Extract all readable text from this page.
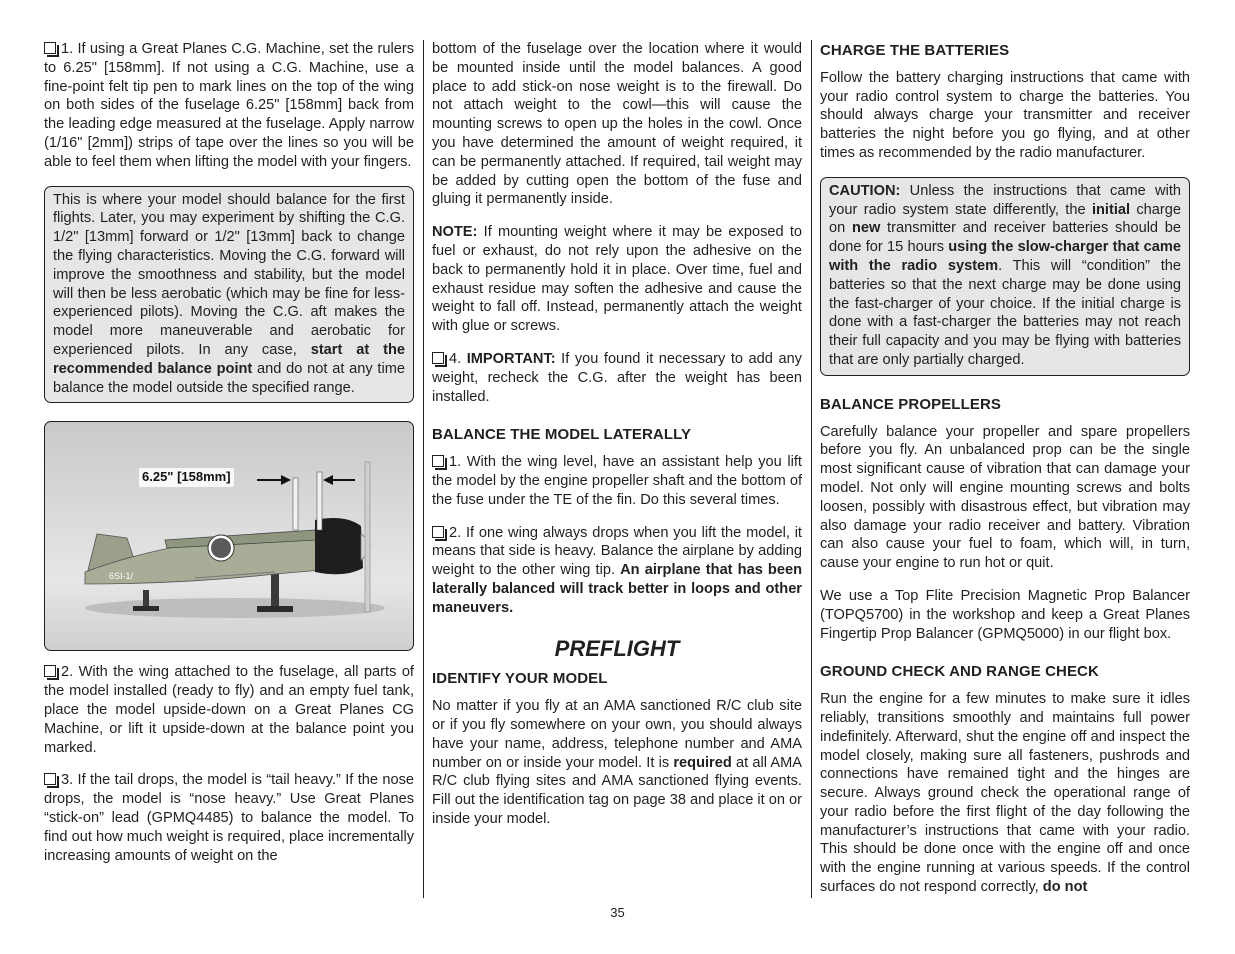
1. If using a Great Planes C.G. Machine, set the rulers to 6.25" [158mm]. If not using a C.G. Machine, use a fine-point felt tip pen to mark lines on the top of the wing on both sides of the fuselage 6.25" [158mm] back from the leading edge measured at the fuselage. Apply narrow (1/16" [2mm]) strips of tape over the lines so you will be able to feel them when lifting the model with your fingers.

This is where your model should balance for the first flights. Later, you may experiment by shifting the C.G. 1/2" [13mm] forward or 1/2" [13mm] back to change the flying characteristics. Moving the C.G. forward will improve the smoothness and stability, but the model will then be less aerobatic (which may be fine for less-experienced pilots). Moving the C.G. aft makes the model more maneuverable and aerobatic for experienced pilots. In any case, start at the recommended balance point and do not at any time balance the model outside the specified range.

6SI-1/​
6.25" [158mm]

2. With the wing attached to the fuselage, all parts of the model installed (ready to fly) and an empty fuel tank, place the model upside-down on a Great Planes CG Machine, or lift it upside-down at the balance point you marked.

3. If the tail drops, the model is “tail heavy.” If the nose drops, the model is “nose heavy.” Use Great Planes “stick-on” lead (GPMQ4485) to balance the model. To find out how much weight is required, place incrementally increasing amounts of weight on the

bottom of the fuselage over the location where it would be mounted inside until the model balances. A good place to add stick-on nose weight is to the firewall. Do not attach weight to the cowl—this will cause the mounting screws to open up the holes in the cowl. Once you have determined the amount of weight required, it can be permanently attached. If required, tail weight may be added by cutting open the bottom of the fuse and gluing it permanently inside.

NOTE: If mounting weight where it may be exposed to fuel or exhaust, do not rely upon the adhesive on the back to permanently hold it in place. Over time, fuel and exhaust residue may soften the adhesive and cause the weight to fall off. Instead, permanently attach the weight with glue or screws.

4. IMPORTANT: If you found it necessary to add any weight, recheck the C.G. after the weight has been installed.

BALANCE THE MODEL LATERALLY

1. With the wing level, have an assistant help you lift the model by the engine propeller shaft and the bottom of the fuse under the TE of the fin. Do this several times.

2. If one wing always drops when you lift the model, it means that side is heavy. Balance the airplane by adding weight to the other wing tip. An airplane that has been laterally balanced will track better in loops and other maneuvers.

PREFLIGHT
IDENTIFY YOUR MODEL

No matter if you fly at an AMA sanctioned R/C club site or if you fly somewhere on your own, you should always have your name, address, telephone number and AMA number on or inside your model. It is required at all AMA R/C club flying sites and AMA sanctioned flying events. Fill out the identification tag on page 38 and place it on or inside your model.

CHARGE THE BATTERIES

Follow the battery charging instructions that came with your radio control system to charge the batteries. You should always charge your transmitter and receiver batteries the night before you go flying, and at other times as recommended by the radio manufacturer.

CAUTION: Unless the instructions that came with your radio system state differently, the initial charge on new transmitter and receiver batteries should be done for 15 hours using the slow-charger that came with the radio system. This will “condition” the batteries so that the next charge may be done using the fast-charger of your choice. If the initial charge is done with a fast-charger the batteries may not reach their full capacity and you may be flying with batteries that are only partially charged.

BALANCE PROPELLERS

Carefully balance your propeller and spare propellers before you fly. An unbalanced prop can be the single most significant cause of vibration that can damage your model. Not only will engine mounting screws and bolts loosen, possibly with disastrous effect, but vibration may also damage your radio receiver and battery. Vibration can also cause your fuel to foam, which will, in turn, cause your engine to run hot or quit.

We use a Top Flite Precision Magnetic Prop Balancer (TOPQ5700) in the workshop and keep a Great Planes Fingertip Prop Balancer (GPMQ5000) in our flight box.

GROUND CHECK AND RANGE CHECK

Run the engine for a few minutes to make sure it idles reliably, transitions smoothly and maintains full power indefinitely. Afterward, shut the engine off and inspect the model closely, making sure all fasteners, pushrods and connections have remained tight and the hinges are secure. Always ground check the operational range of your radio before the first flight of the day following the manufacturer’s instructions that came with your radio. This should be done once with the engine off and once with the engine running at various speeds. If the control surfaces do not respond correctly, do not

35
